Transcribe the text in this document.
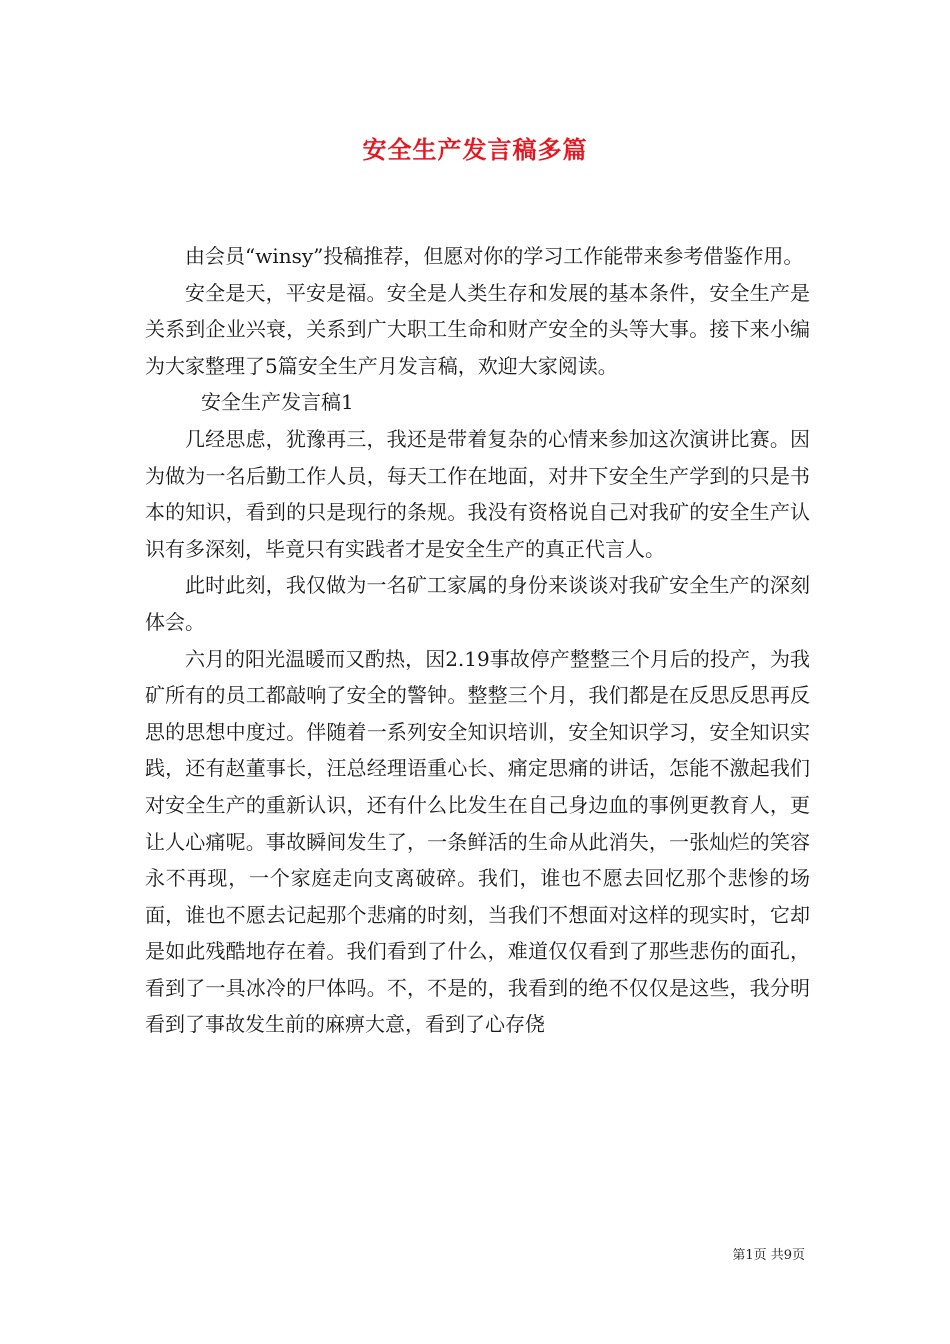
安全生产发言稿多篇

由会员“winsy”投稿推荐，但愿对你的学习工作能带来参考借鉴作用。

安全是天，平安是福。安全是人类生存和发展的基本条件，安全生产是关系到企业兴衰，关系到广大职工生命和财产安全的头等大事。接下来小编为大家整理了5篇安全生产月发言稿，欢迎大家阅读。

安全生产发言稿1

几经思虑，犹豫再三，我还是带着复杂的心情来参加这次演讲比赛。因为做为一名后勤工作人员，每天工作在地面，对井下安全生产学到的只是书本的知识，看到的只是现行的条规。我没有资格说自己对我矿的安全生产认识有多深刻，毕竟只有实践者才是安全生产的真正代言人。

此时此刻，我仅做为一名矿工家属的身份来谈谈对我矿安全生产的深刻体会。

六月的阳光温暖而又酌热，因2.19事故停产整整三个月后的投产，为我矿所有的员工都敲响了安全的警钟。整整三个月，我们都是在反思反思再反思的思想中度过。伴随着一系列安全知识培训，安全知识学习，安全知识实践，还有赵董事长，汪总经理语重心长、痛定思痛的讲话，怎能不激起我们对安全生产的重新认识，还有什么比发生在自己身边血的事例更教育人，更让人心痛呢。事故瞬间发生了，一条鲜活的生命从此消失，一张灿烂的笑容永不再现，一个家庭走向支离破碎。我们，谁也不愿去回忆那个悲惨的场面，谁也不愿去记起那个悲痛的时刻，当我们不想面对这样的现实时，它却是如此残酷地存在着。我们看到了什么，难道仅仅看到了那些悲伤的面孔，看到了一具冰冷的尸体吗。不，不是的，我看到的绝不仅仅是这些，我分明看到了事故发生前的麻痹大意，看到了心存侥

第1页 共9页
